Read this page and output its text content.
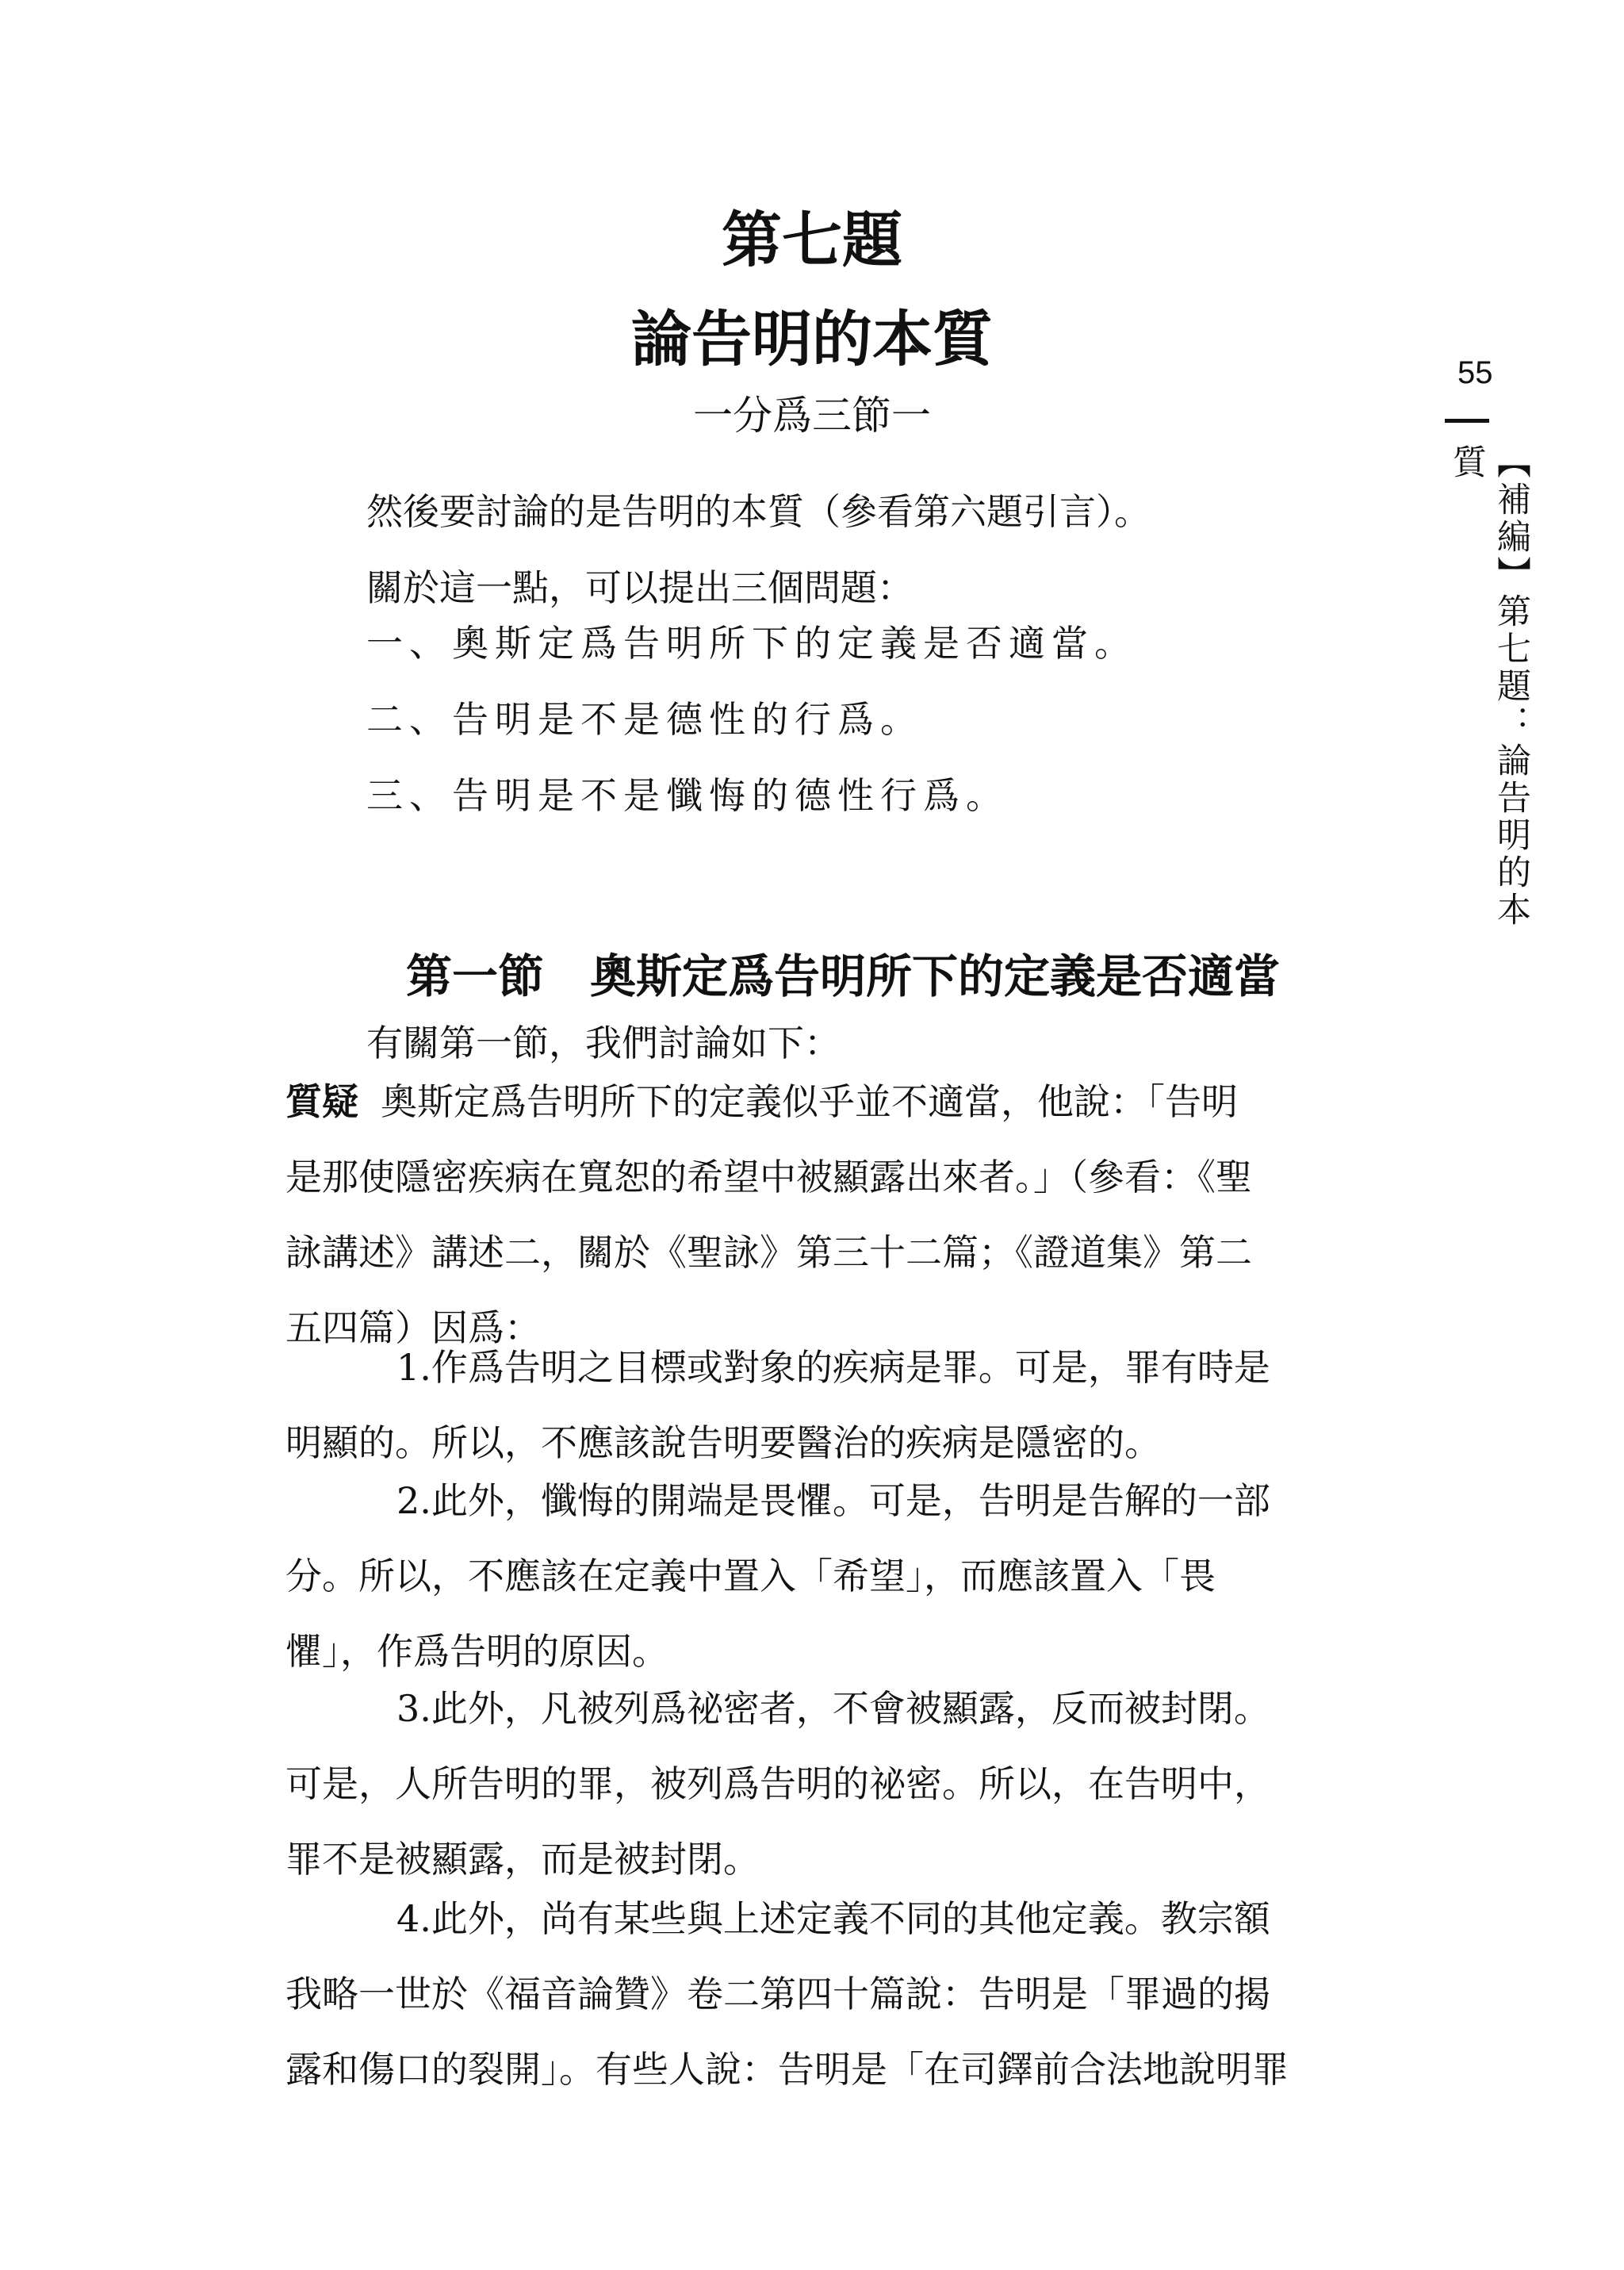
第七題
論告明的本質
一分爲三節一

然後要討論的是告明的本質（參看第六題引言）。

關於這一點，可以提出三個問題：

一、奧斯定爲告明所下的定義是否適當。

二、告明是不是德性的行爲。

三、告明是不是懺悔的德性行爲。

第一節 奧斯定爲告明所下的定義是否適當
有關第一節，我們討論如下：

質疑 奧斯定爲告明所下的定義似乎並不適當，他說：「告明

是那使隱密疾病在寬恕的希望中被顯露出來者。」（參看：《聖

詠講述》講述二，關於《聖詠》第三十二篇；《證道集》第二

五四篇）因爲：

1.作爲告明之目標或對象的疾病是罪。可是，罪有時是

明顯的。所以，不應該說告明要醫治的疾病是隱密的。

2.此外，懺悔的開端是畏懼。可是，告明是告解的一部

分。所以，不應該在定義中置入「希望」，而應該置入「畏

懼」，作爲告明的原因。

3.此外，凡被列爲祕密者，不會被顯露，反而被封閉。

可是，人所告明的罪，被列爲告明的祕密。所以，在告明中，

罪不是被顯露，而是被封閉。

4.此外，尚有某些與上述定義不同的其他定義。教宗額

我略一世於《福音論贊》卷二第四十篇說：告明是「罪過的揭

露和傷口的裂開」。有些人說：告明是「在司鐸前合法地說明罪

55
【補編】第七題：論告明的本質
